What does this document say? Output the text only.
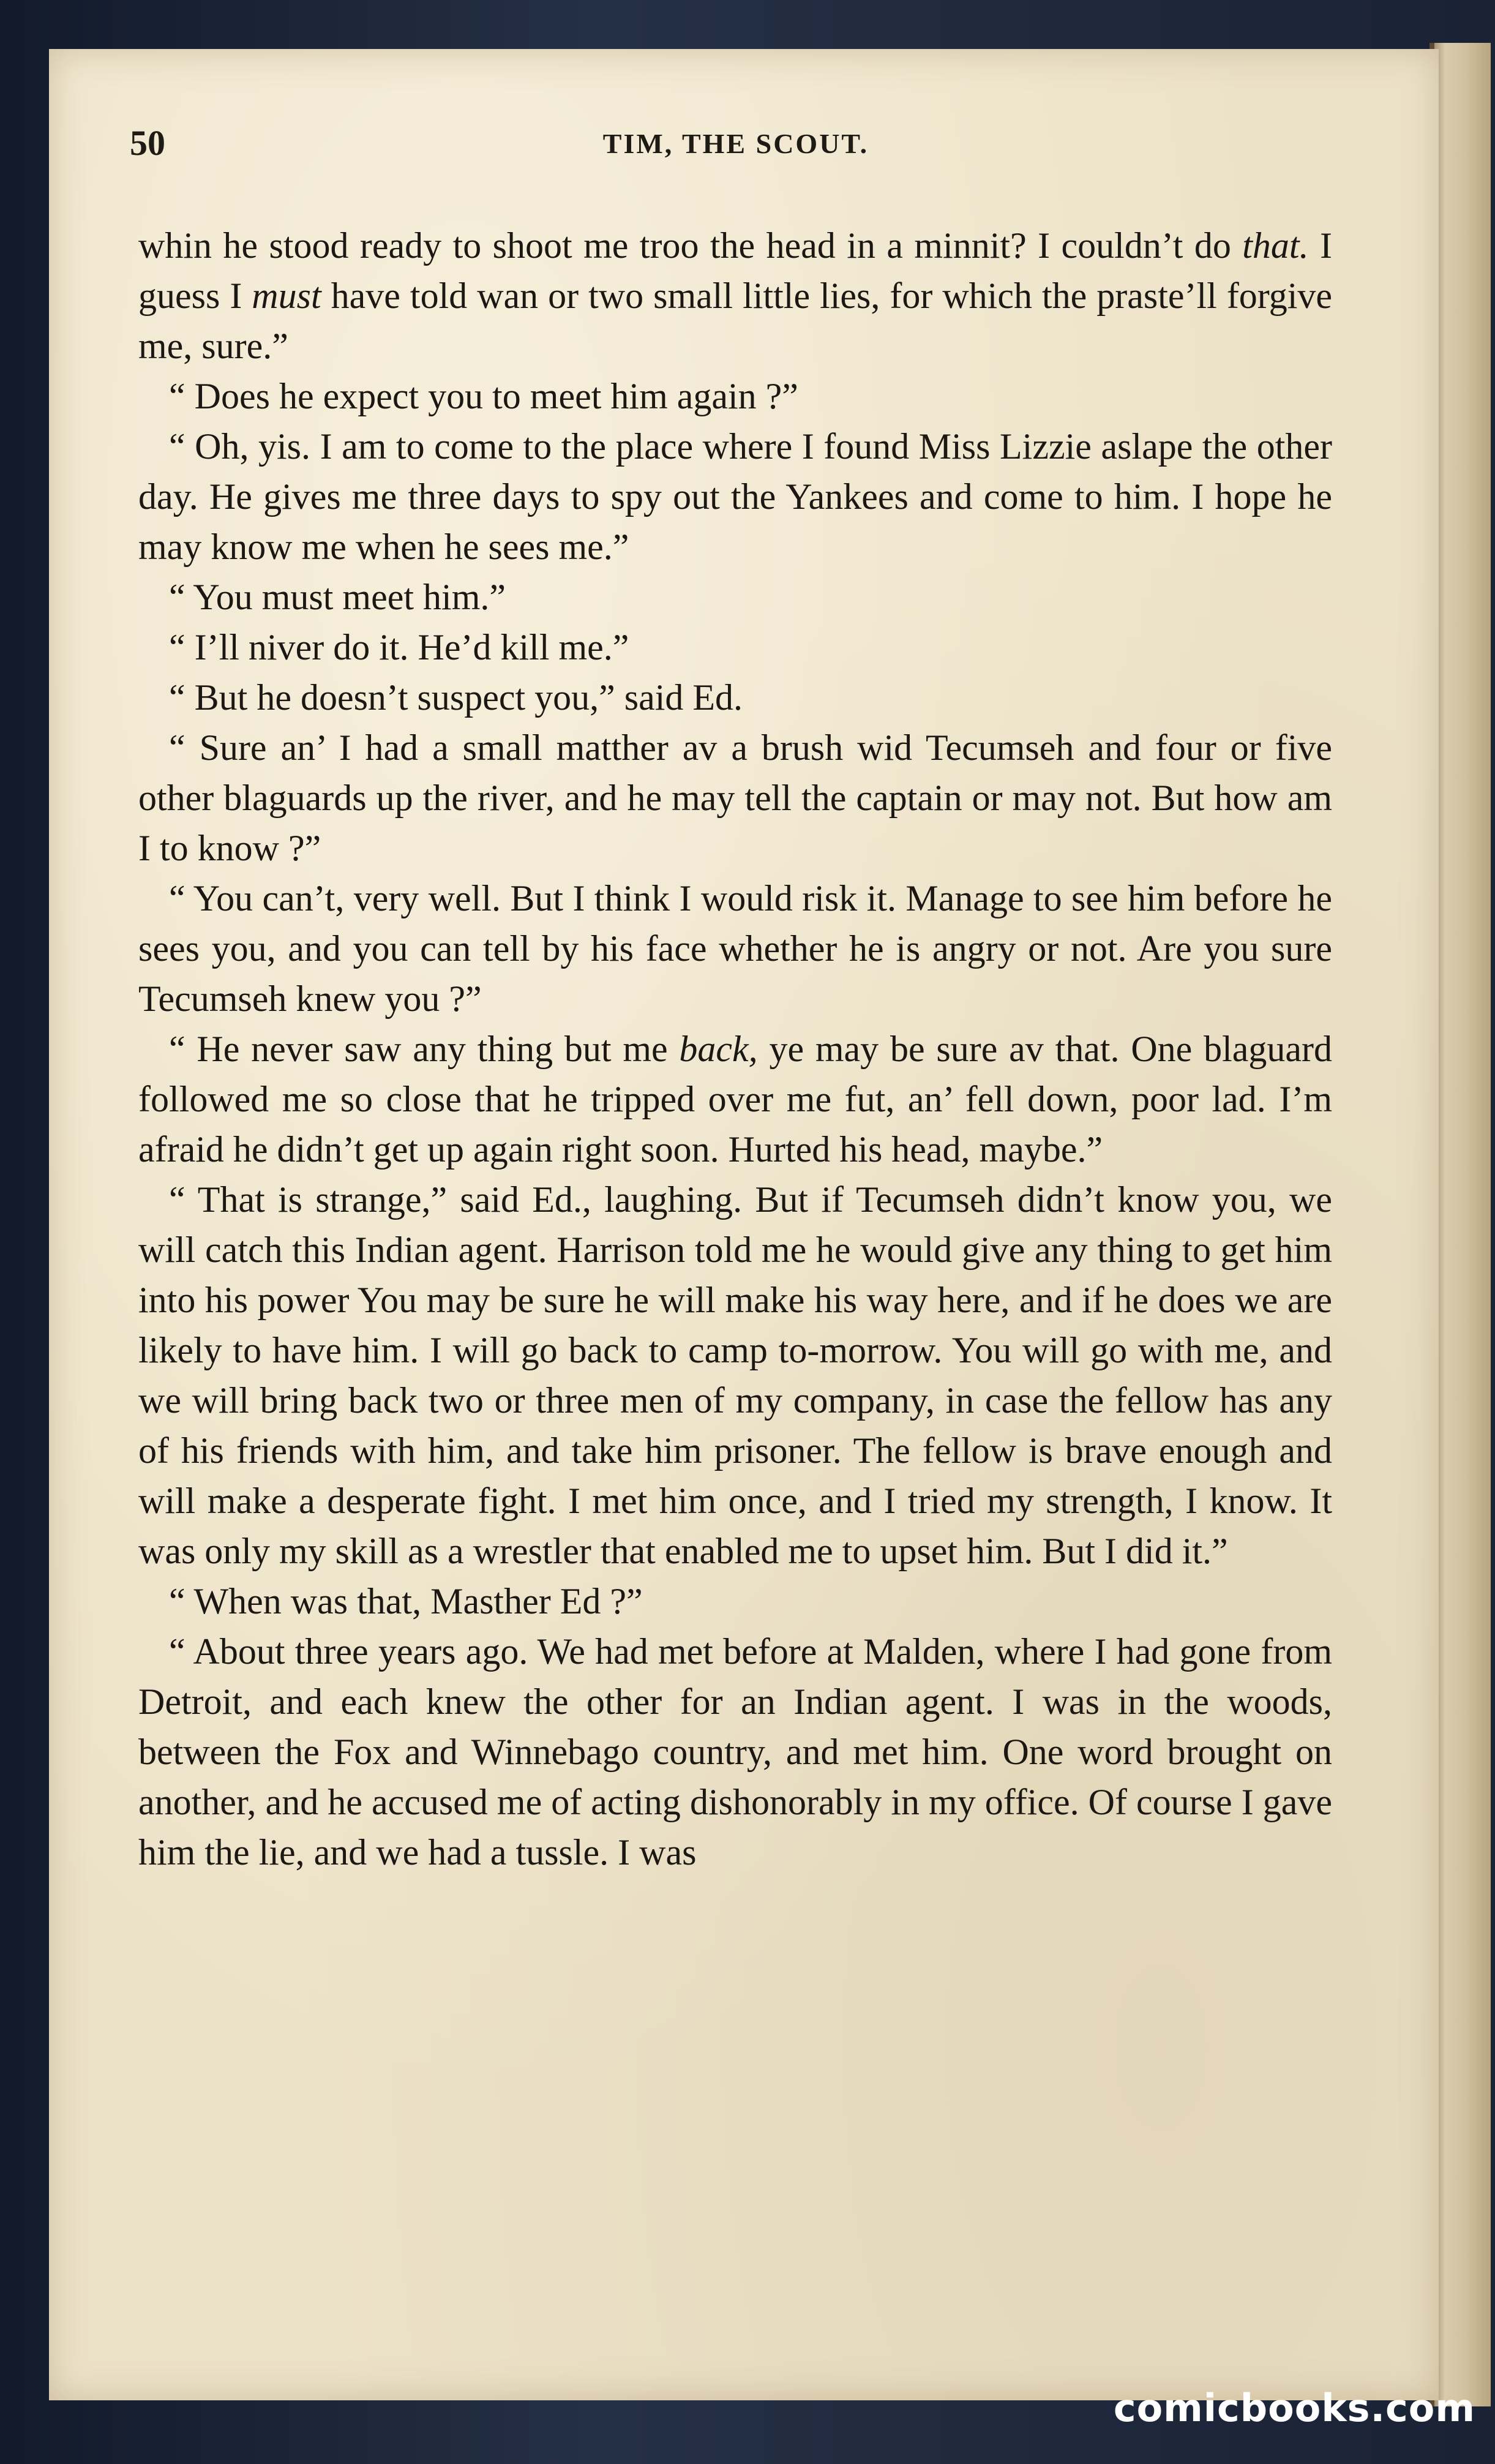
50	TIM, THE SCOUT.

whin he stood ready to shoot me troo the head in a minnit? I couldn’t do that. I guess I must have told wan or two small little lies, for which the praste’ll forgive me, sure.”

“ Does he expect you to meet him again ?”

“ Oh, yis. I am to come to the place where I found Miss Lizzie aslape the other day. He gives me three days to spy out the Yankees and come to him. I hope he may know me when he sees me.”

“ You must meet him.”

“ I’ll niver do it. He’d kill me.”

“ But he doesn’t suspect you,” said Ed.

“ Sure an’ I had a small matther av a brush wid Tecumseh and four or five other blaguards up the river, and he may tell the captain or may not. But how am I to know ?”

“ You can’t, very well. But I think I would risk it. Manage to see him before he sees you, and you can tell by his face whether he is angry or not. Are you sure Tecumseh knew you ?”

“ He never saw any thing but me back, ye may be sure av that. One blaguard followed me so close that he tripped over me fut, an’ fell down, poor lad. I’m afraid he didn’t get up again right soon. Hurted his head, maybe.”

“ That is strange,” said Ed., laughing. But if Tecumseh didn’t know you, we will catch this Indian agent. Harrison told me he would give any thing to get him into his power You may be sure he will make his way here, and if he does we are likely to have him. I will go back to camp to-morrow. You will go with me, and we will bring back two or three men of my company, in case the fellow has any of his friends with him, and take him prisoner. The fellow is brave enough and will make a desperate fight. I met him once, and I tried my strength, I know. It was only my skill as a wrestler that enabled me to upset him. But I did it.”

“ When was that, Masther Ed ?”

“ About three years ago. We had met before at Malden, where I had gone from Detroit, and each knew the other for an Indian agent. I was in the woods, between the Fox and Winnebago country, and met him. One word brought on another, and he accused me of acting dishonorably in my office. Of course I gave him the lie, and we had a tussle. I was

comicbooks.com
